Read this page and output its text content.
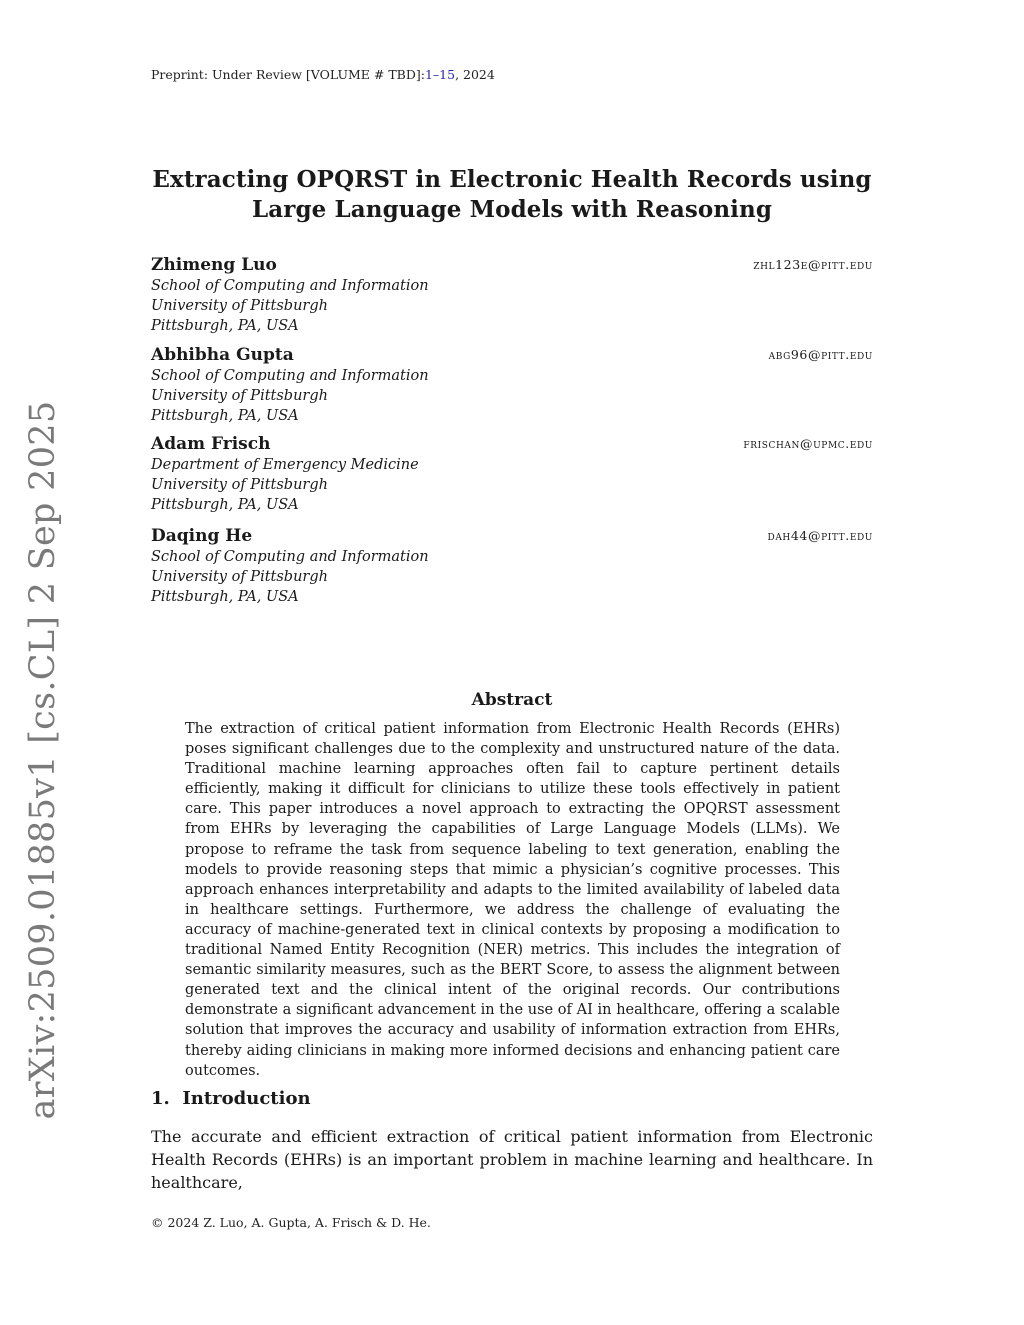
arXiv:2509.01885v1 [cs.CL] 2 Sep 2025
Preprint: Under Review [VOLUME # TBD]:1–15, 2024
Extracting OPQRST in Electronic Health Records using Large Language Models with Reasoning
Zhimeng Luo	zhl123e@pitt.edu
School of Computing and Information
University of Pittsburgh
Pittsburgh, PA, USA
Abhibha Gupta	abg96@pitt.edu
School of Computing and Information
University of Pittsburgh
Pittsburgh, PA, USA
Adam Frisch	frischan@upmc.edu
Department of Emergency Medicine
University of Pittsburgh
Pittsburgh, PA, USA
Daqing He	dah44@pitt.edu
School of Computing and Information
University of Pittsburgh
Pittsburgh, PA, USA
Abstract
The extraction of critical patient information from Electronic Health Records (EHRs) poses significant challenges due to the complexity and unstructured nature of the data. Traditional machine learning approaches often fail to capture pertinent details efficiently, making it difficult for clinicians to utilize these tools effectively in patient care. This paper introduces a novel approach to extracting the OPQRST assessment from EHRs by leveraging the capabilities of Large Language Models (LLMs). We propose to reframe the task from sequence labeling to text generation, enabling the models to provide reasoning steps that mimic a physician’s cognitive processes. This approach enhances interpretability and adapts to the limited availability of labeled data in healthcare settings. Furthermore, we address the challenge of evaluating the accuracy of machine-generated text in clinical contexts by proposing a modification to traditional Named Entity Recognition (NER) metrics. This includes the integration of semantic similarity measures, such as the BERT Score, to assess the alignment between generated text and the clinical intent of the original records. Our contributions demonstrate a significant advancement in the use of AI in healthcare, offering a scalable solution that improves the accuracy and usability of information extraction from EHRs, thereby aiding clinicians in making more informed decisions and enhancing patient care outcomes.
1. Introduction
The accurate and efficient extraction of critical patient information from Electronic Health Records (EHRs) is an important problem in machine learning and healthcare. In healthcare,
© 2024 Z. Luo, A. Gupta, A. Frisch & D. He.
